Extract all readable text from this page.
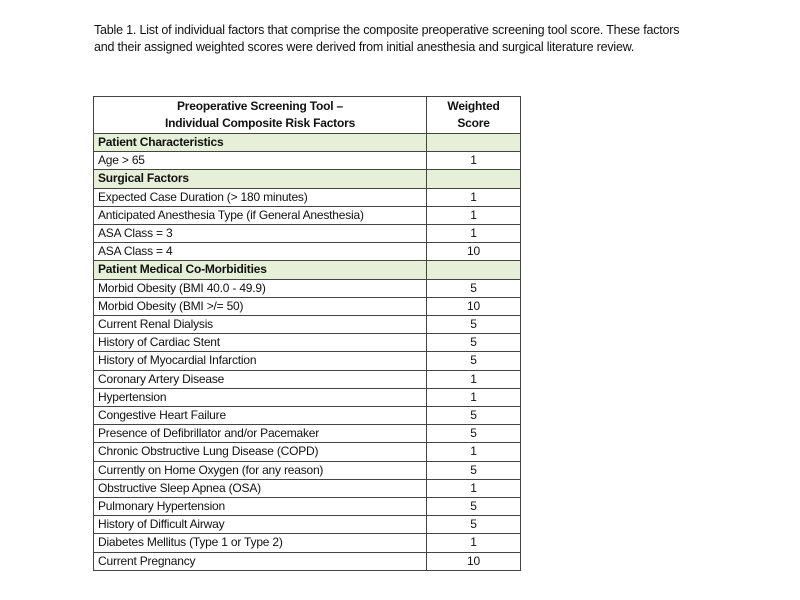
Table 1. List of individual factors that comprise the composite preoperative screening tool score. These factors and their assigned weighted scores were derived from initial anesthesia and surgical literature review.
Preoperative Screening Tool –
Individual Composite Risk Factors	Weighted
Score

Patient Characteristics	
Age > 65	1
Surgical Factors	
Expected Case Duration (> 180 minutes)	1
Anticipated Anesthesia Type (if General Anesthesia)	1
ASA Class = 3	1
ASA Class = 4	10
Patient Medical Co-Morbidities	
Morbid Obesity (BMI 40.0 - 49.9)	5
Morbid Obesity (BMI >/= 50)	10
Current Renal Dialysis	5
History of Cardiac Stent	5
History of Myocardial Infarction	5
Coronary Artery Disease	1
Hypertension	1
Congestive Heart Failure	5
Presence of Defibrillator and/or Pacemaker	5
Chronic Obstructive Lung Disease (COPD)	1
Currently on Home Oxygen (for any reason)	5
Obstructive Sleep Apnea (OSA)	1
Pulmonary Hypertension	5
History of Difficult Airway	5
Diabetes Mellitus (Type 1 or Type 2)	1
Current Pregnancy	10
